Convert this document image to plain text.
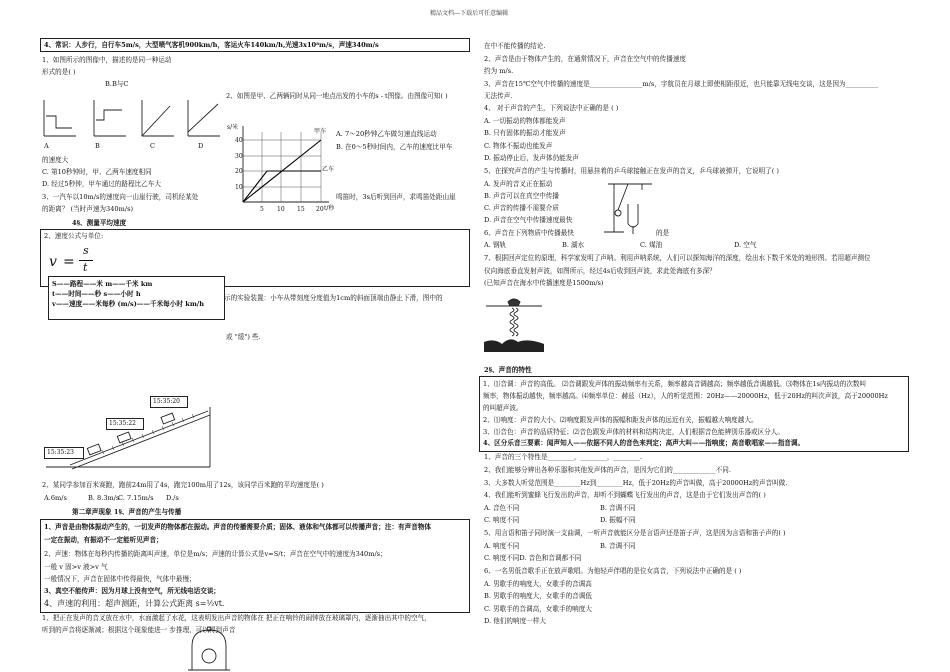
精品文档---下载后可任意编辑
4、常识：人步行，自行车5m/s，大型喷气客机900km/h，客运火车140km/h,光速3x10⁸m/s，声速340m/s
1、如图所示的图像中，描述的是同一种运动
形式的是( )
B.B与C
A	B	C	D
2、如图是甲、乙两辆同时从同一地点出发的小车的s - t图像。由图像可知( )
40
30
20
10
5 10 15 20
s/米
t/秒
甲车
乙车
A. 7～20秒钟乙车做匀速直线运动
B. 在0～5秒时间内，乙车的速度比甲车
的速度大
C. 第10秒钟时，甲、乙两车速度相同
D. 经过5秒钟，甲车通过的路程比乙车大
3、一汽车以10m/s的速度向一山崖行驶，司机经某处	鸣笛时，3s后听到回声，求鸣笛处距山崖
的距离？ (当时声速为340m/s)
4§、测量平均速度
2、速度公式与单位:
v =
s
t
S——路程——米 m——千米 km
t——时间——秒 s——小时 h
v——速度——米每秒 (m/s)——千米每小时 km/h
示的实验装置：小车从带刻度分度值为1cm的斜面顶端由静止下滑，图中的
或 "缓") 些.
15:35:20
15:35:22
15:35:23
2、某同学参加百米赛跑，跑前24m用了4s，跑完100m用了12s，该同学百米跑的平均速度是( )
A.6m/s	B. 8.3m/s
C. 7.15m/s D./s
第二章声现象 1§、声音的产生与传播
1、声音是由物体振动产生的，一切发声的物体都在振动。声音的传播需要介质；固体、液体和气体都可以传播声音；注：有声音物体
一定在振动，有振动不一定能听见声音；
2、声速：物体在每秒内传播的距离叫声速，单位是m/s；声速的计算公式是v=S/t；声音在空气中的速度为340m/s；
一般 v 固>v 液>v 气
一般情况下，声音在固体中传得最快，气体中最慢；
3、真空不能传声：因为月球上没有空气，所无线电话交谈；
4、声速的利用：超声测距，计算公式距离 s=½vt.
1、把正在发声的音叉放在水中，水面激起了水花，这表明发出声音的物体在 把正在响铃的闹钟放在玻璃罩内，逐渐抽出其中的空气，
听到的声音将逐渐减；根据这个现象能进一 步推理，可以得到声音
在中不能传播的结论.
2、声音是由于物体产生的，在通常情况下，声音在空气中的传播速度
约为 m/s.
3、声音在15℃空气中传播的速度是________________m/s，宇航员在月球上即使相距很近，也只能靠无线电交谈，这是因为__________
无法传声.
4、 对于声音的产生，下列说法中正确的是 ( )
A. 一切振动的物体都能发声
B. 只有固体的振动才能发声
C. 物体不振动也能发声
D. 振动停止后，发声体仍能发声
5、在探究声音的产生与传播时，用悬挂着的乒乓球接触正在发声的音叉，乒乓球被弹开，它说明了( )
A. 发声的音叉正在振动
B. 声音可以在真空中传播
C. 声音的传播不需要介质
D. 声音在空气中传播速度最快
6、声音在下列物质中传播最快	的是
A. 钢轨	B. 湖水	C. 煤油	D. 空气
7、根据回声定位的原理，科学家发明了声呐。利用声呐系统，人们可以探知海洋的深度，绘出水下数千米处的地形图。若用超声测位
仪向海底垂直发射声波，如图所示，经过4s后收到回声波，求此处海底有多深？
(已知声音在海水中传播速度是1500m/s)
2§、声音的特性
1、⑴音调：声音的高低。 ⑵音调跟发声体的振动频率有关系，频率越高音调越高；频率越低音调越低。⑶物体在1s内振动的次数叫
频率，物体振动越快，频率越高。⑷频率单位：赫兹（Hz），人的听觉范围：20Hz——20000Hz，低于20Hz的叫次声波，高于20000Hz
的叫超声波。
2、⑴响度：声音的大小。⑵响度跟发声体的振幅和距发声体的远近有关，振幅越大响度越大。
3、⑴音色：声音的品质特征；⑵音色跟发声体的材料和结构决定，人们根据音色能辨别乐器或区分人。
4、区分乐音三要素：闻声知人——依据不同人的音色来判定；高声大叫——指响度；高音歌唱家——指音调。
1、声音的三个特性是________，________，________.
2、我们能够分辨出各种乐器和其他发声体的声音，是因为它们的_____________不同.
3、大多数人听觉范围是________Hz到________Hz，低于20Hz的声音叫做，高于20000Hz的声音叫做.
4、我们能听到蜜蜂飞行发出的声音，却听不到蝴蝶飞行发出的声音，这是由于它们发出声音的( )
A. 音色不同	B. 音调不同
C. 响度不同	D. 振幅不同
5、用言语和笛子同时演一支曲调，一听声音就能区分是言语声还是笛子声，这是因为言语和笛子声的( )
A. 响度不同	B. 音调不同
C. 响度不同D. 音色和音调都不同
6、一名男低音歌手正在放声歌唱。为他轻声伴唱的是位女高音，下列说法中正确的是 ( )
A. 男歌手的响度大，女歌手的音调高
B. 男歌手的响度大，女歌手的音调低
C. 男歌手的音调高，女歌手的响度大
D. 他们的响度一样大
